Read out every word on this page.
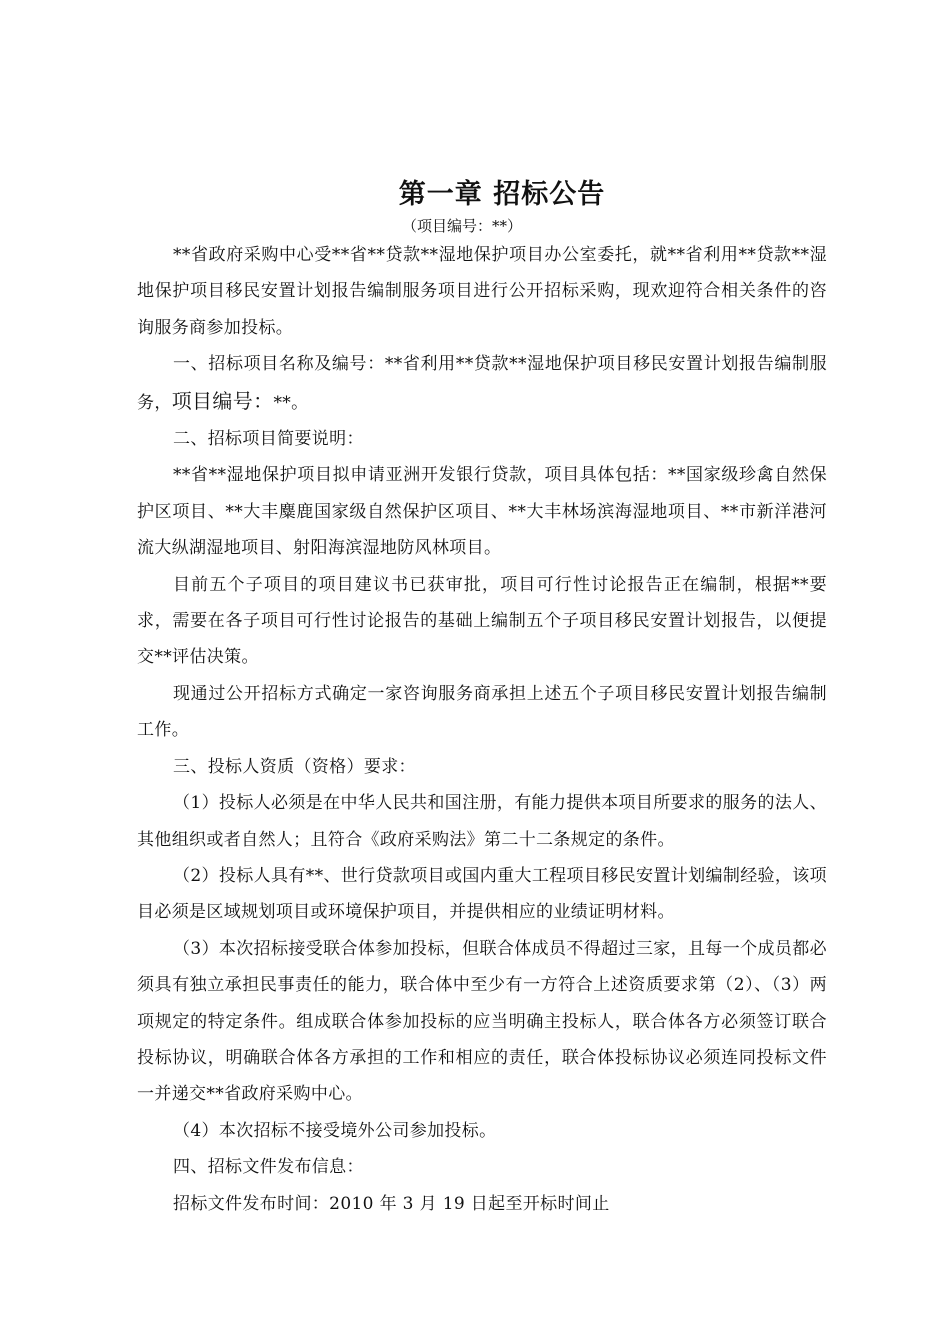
第一章 招标公告
（项目编号：**）

**省政府采购中心受**省**贷款**湿地保护项目办公室委托，就**省利用**贷款**湿地保护项目移民安置计划报告编制服务项目进行公开招标采购，现欢迎符合相关条件的咨询服务商参加投标。

一、招标项目名称及编号：**省利用**贷款**湿地保护项目移民安置计划报告编制服务，项目编号：**。

二、招标项目简要说明：

**省**湿地保护项目拟申请亚洲开发银行贷款，项目具体包括：**国家级珍禽自然保护区项目、**大丰麋鹿国家级自然保护区项目、**大丰林场滨海湿地项目、**市新洋港河流大纵湖湿地项目、射阳海滨湿地防风林项目。

目前五个子项目的项目建议书已获审批，项目可行性讨论报告正在编制，根据**要求，需要在各子项目可行性讨论报告的基础上编制五个子项目移民安置计划报告，以便提交**评估决策。

现通过公开招标方式确定一家咨询服务商承担上述五个子项目移民安置计划报告编制工作。

三、投标人资质（资格）要求：

（1）投标人必须是在中华人民共和国注册，有能力提供本项目所要求的服务的法人、其他组织或者自然人；且符合《政府采购法》第二十二条规定的条件。

（2）投标人具有**、世行贷款项目或国内重大工程项目移民安置计划编制经验，该项目必须是区域规划项目或环境保护项目，并提供相应的业绩证明材料。

（3）本次招标接受联合体参加投标，但联合体成员不得超过三家，且每一个成员都必须具有独立承担民事责任的能力，联合体中至少有一方符合上述资质要求第（2）、（3）两项规定的特定条件。组成联合体参加投标的应当明确主投标人，联合体各方必须签订联合投标协议，明确联合体各方承担的工作和相应的责任，联合体投标协议必须连同投标文件一并递交**省政府采购中心。

（4）本次招标不接受境外公司参加投标。

四、招标文件发布信息：

招标文件发布时间：2010 年 3 月 19 日起至开标时间止
